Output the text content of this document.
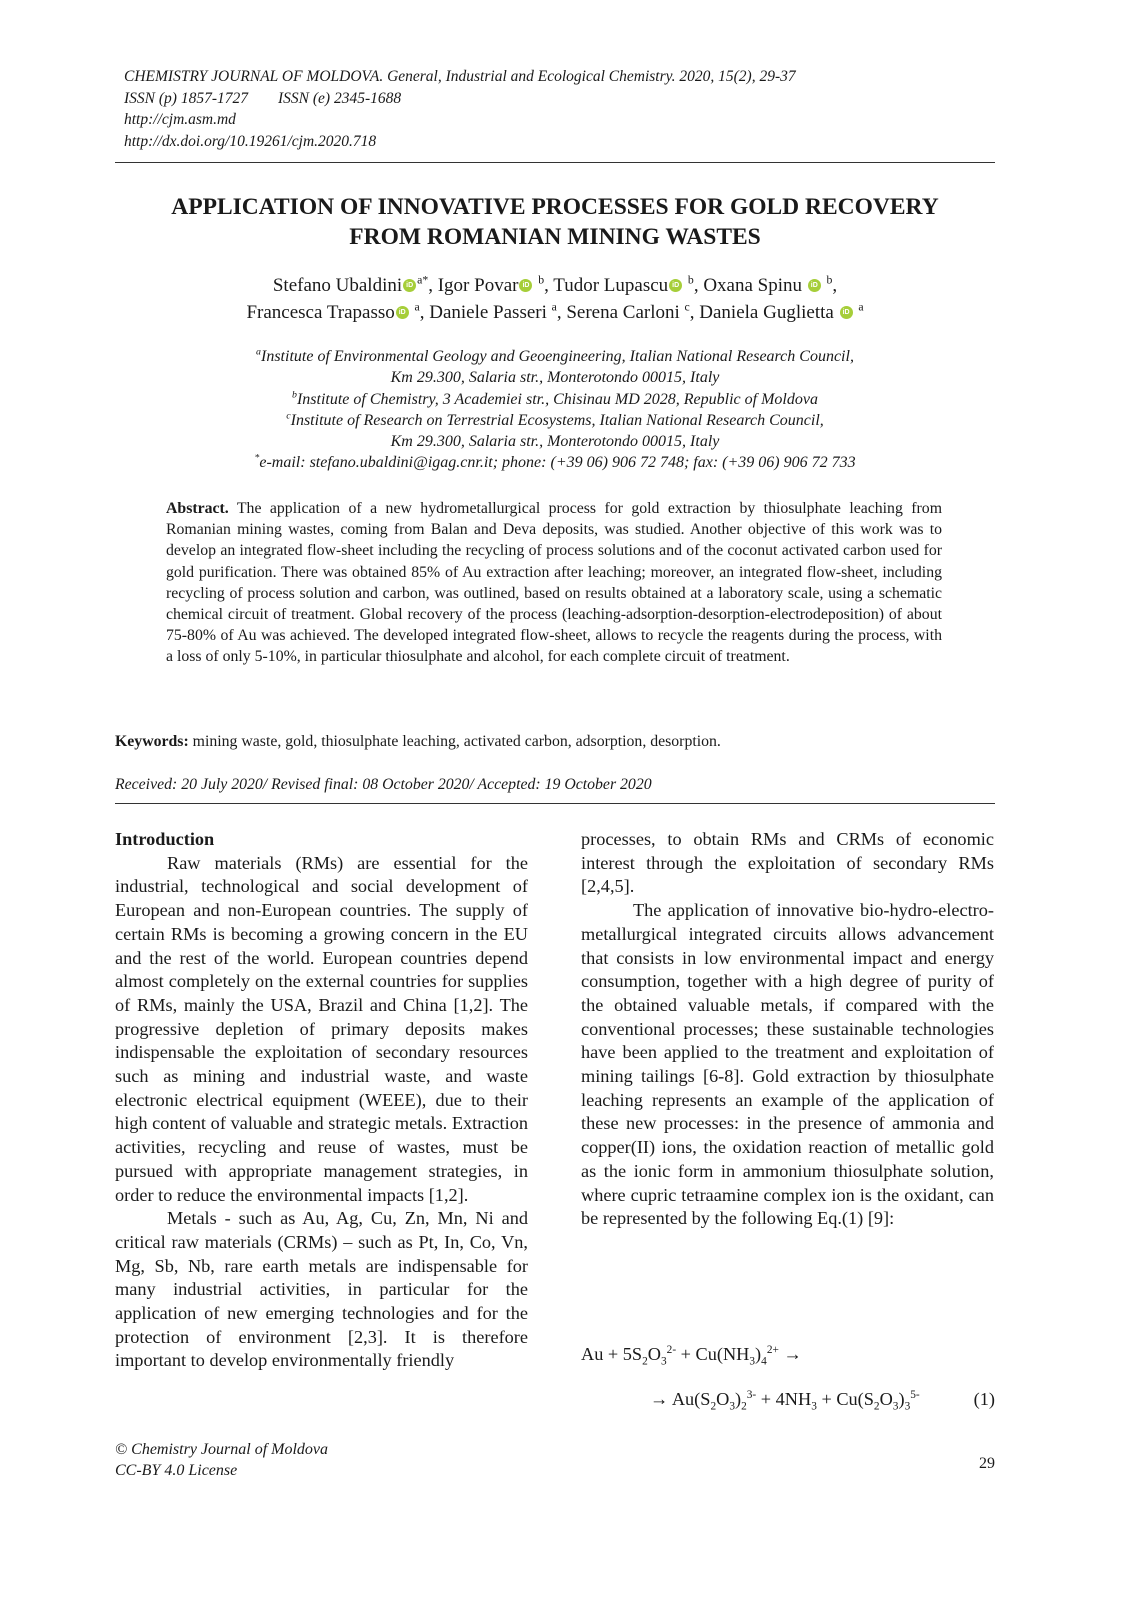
CHEMISTRY JOURNAL OF MOLDOVA. General, Industrial and Ecological Chemistry. 2020, 15(2), 29-37
ISSN (p) 1857-1727 ISSN (e) 2345-1688
http://cjm.asm.md
http://dx.doi.org/10.19261/cjm.2020.718
APPLICATION OF INNOVATIVE PROCESSES FOR GOLD RECOVERY
FROM ROMANIAN MINING WASTES
Stefano Ubaldini iD $^{a*}$, Igor Povar iD $^b$, Tudor Lupascu iD $^b$, Oxana Spinu iD $^b$,
Francesca Trapasso iD $^a$, Daniele Passeri $^a$, Serena Carloni $^c$, Daniela Guglietta iD $^a$
$^a$Institute of Environmental Geology and Geoengineering, Italian National Research Council,
Km 29.300, Salaria str., Monterotondo 00015, Italy
$^b$Institute of Chemistry, 3 Academiei str., Chisinau MD 2028, Republic of Moldova
$^c$Institute of Research on Terrestrial Ecosystems, Italian National Research Council,
Km 29.300, Salaria str., Monterotondo 00015, Italy
*e-mail: stefano.ubaldini@igag.cnr.it; phone: (+39 06) 906 72 748; fax: (+39 06) 906 72 733
Abstract. The application of a new hydrometallurgical process for gold extraction by thiosulphate leaching from Romanian mining wastes, coming from Balan and Deva deposits, was studied. Another objective of this work was to develop an integrated flow-sheet including the recycling of process solutions and of the coconut activated carbon used for gold purification. There was obtained 85% of Au extraction after leaching; moreover, an integrated flow-sheet, including recycling of process solution and carbon, was outlined, based on results obtained at a laboratory scale, using a schematic chemical circuit of treatment. Global recovery of the process (leaching-adsorption-desorption-electrodeposition) of about 75-80% of Au was achieved. The developed integrated flow-sheet, allows to recycle the reagents during the process, with a loss of only 5-10%, in particular thiosulphate and alcohol, for each complete circuit of treatment.
Keywords: mining waste, gold, thiosulphate leaching, activated carbon, adsorption, desorption.
Received: 20 July 2020/ Revised final: 08 October 2020/ Accepted: 19 October 2020
Introduction

Raw materials (RMs) are essential for the industrial, technological and social development of European and non-European countries. The supply of certain RMs is becoming a growing concern in the EU and the rest of the world. European countries depend almost completely on the external countries for supplies of RMs, mainly the USA, Brazil and China [1,2]. The progressive depletion of primary deposits makes indispensable the exploitation of secondary resources such as mining and industrial waste, and waste electronic electrical equipment (WEEE), due to their high content of valuable and strategic metals. Extraction activities, recycling and reuse of wastes, must be pursued with appropriate management strategies, in order to reduce the environmental impacts [1,2].

Metals - such as Au, Ag, Cu, Zn, Mn, Ni and critical raw materials (CRMs) – such as Pt, In, Co, Vn, Mg, Sb, Nb, rare earth metals are indispensable for many industrial activities, in particular for the application of new emerging technologies and for the protection of environment [2,3]. It is therefore important to develop environmentally friendly

processes, to obtain RMs and CRMs of economic interest through the exploitation of secondary RMs [2,4,5].

The application of innovative bio-hydro-electro-metallurgical integrated circuits allows advancement that consists in low environmental impact and energy consumption, together with a high degree of purity of the obtained valuable metals, if compared with the conventional processes; these sustainable technologies have been applied to the treatment and exploitation of mining tailings [6-8]. Gold extraction by thiosulphate leaching represents an example of the application of these new processes: in the presence of ammonia and copper(II) ions, the oxidation reaction of metallic gold as the ionic form in ammonium thiosulphate solution, where cupric tetraamine complex ion is the oxidant, can be represented by the following Eq.(1) [9]:

$Au + 5S_2O_3^{2-} + Cu(NH_3)_4^{2+}$ →
→ $Au(S_2O_3)_2^{3-} + 4NH_3 + Cu(S_2O_3)_3^{5-}$	(1)
© Chemistry Journal of Moldova
CC-BY 4.0 License	29
